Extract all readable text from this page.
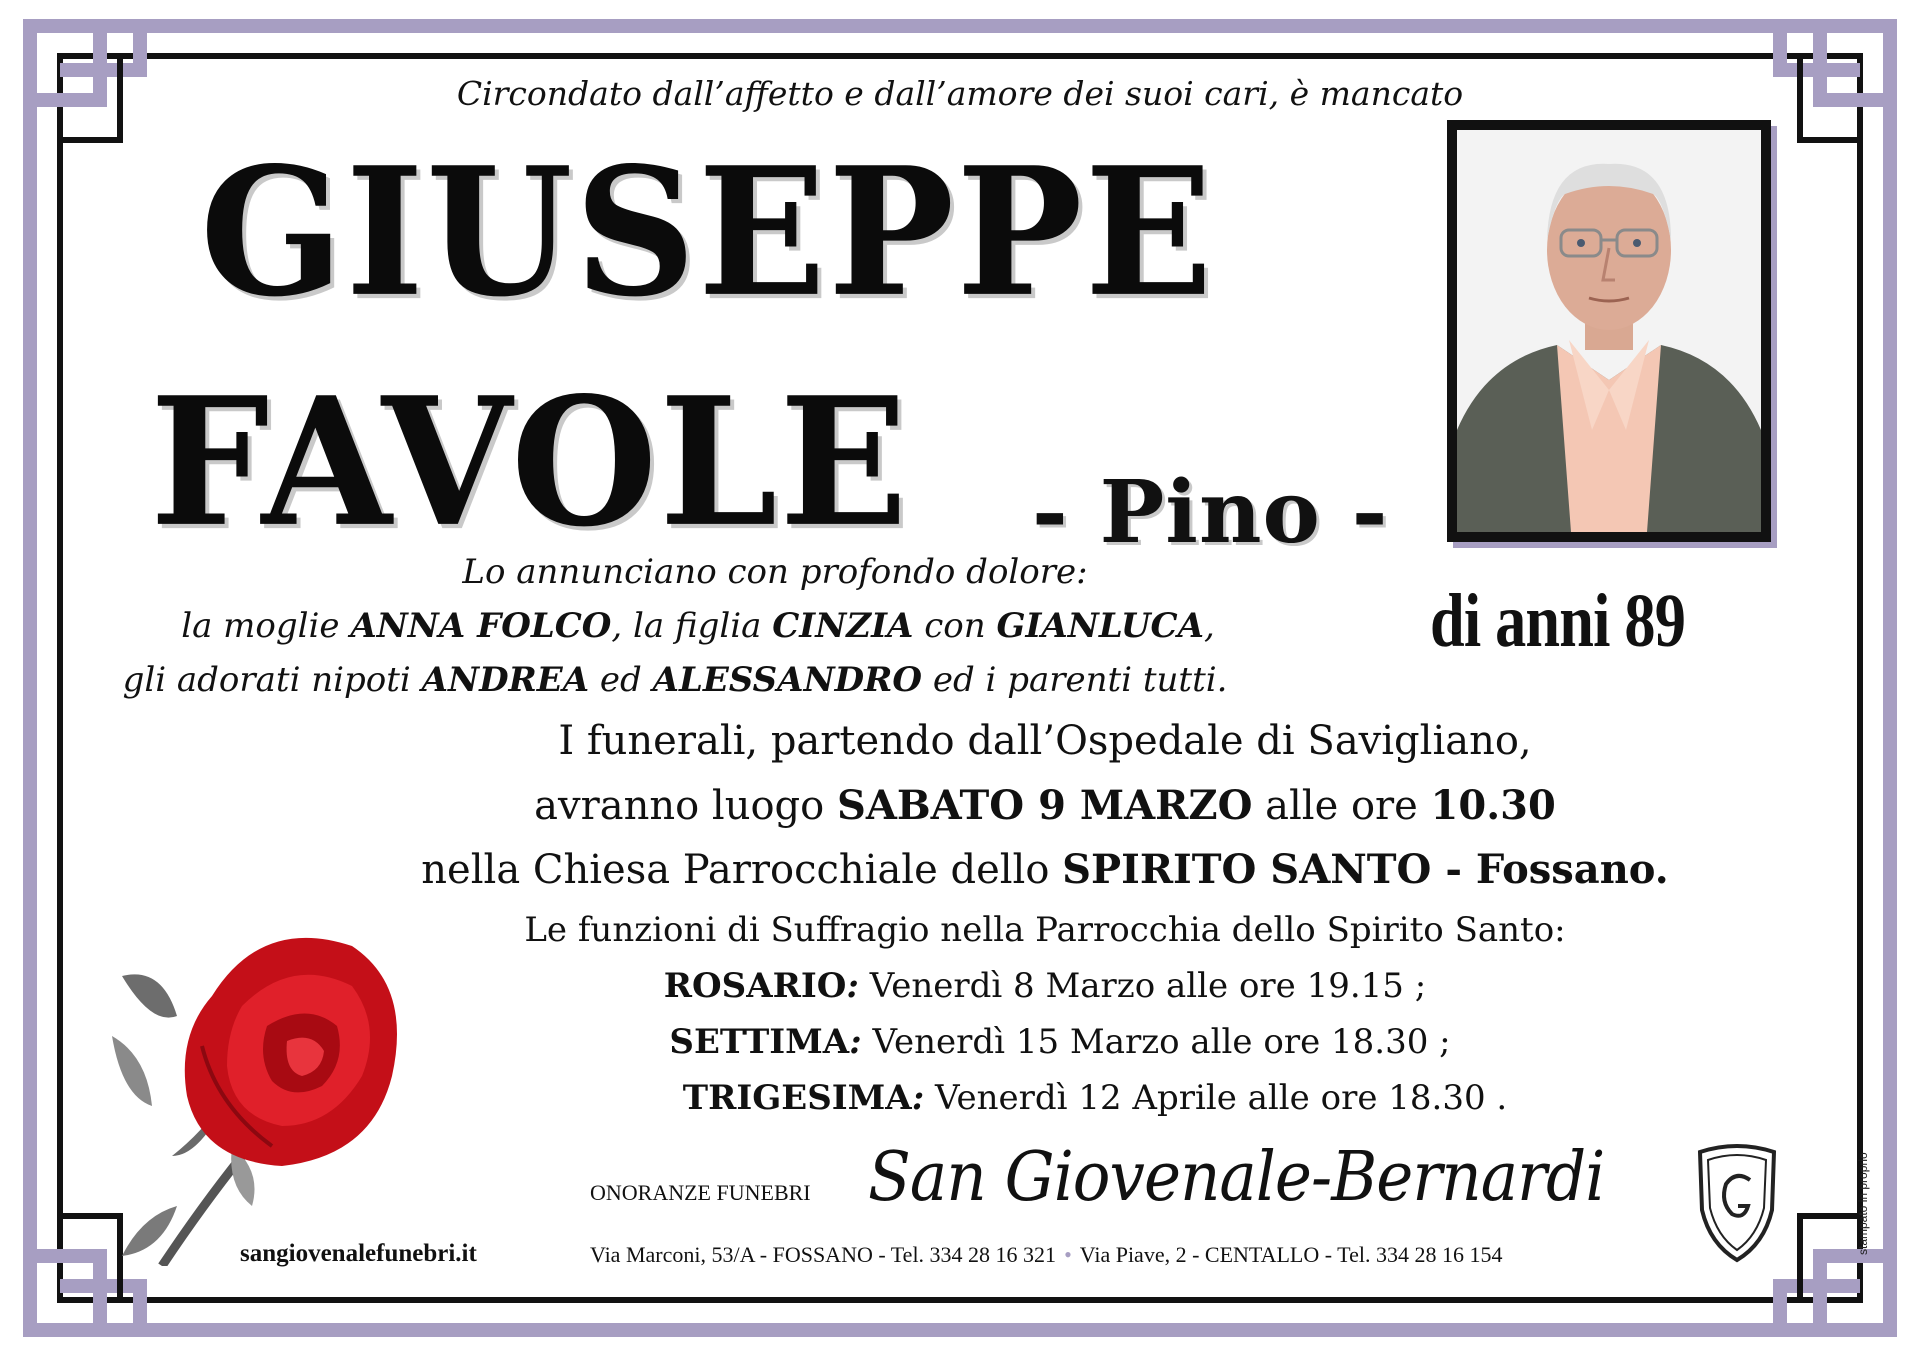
Circondato dall’affetto e dall’amore dei suoi cari, è mancato
GIUSEPPE
FAVOLE - Pino -
di anni 89
Lo annunciano con profondo dolore:
la moglie ANNA FOLCO, la figlia CINZIA con GIANLUCA,
gli adorati nipoti ANDREA ed ALESSANDRO ed i parenti tutti.
I funerali, partendo dall’Ospedale di Savigliano,
avranno luogo SABATO 9 MARZO alle ore 10.30
nella Chiesa Parrocchiale dello SPIRITO SANTO - Fossano.
Le funzioni di Suffragio nella Parrocchia dello Spirito Santo:
ROSARIO: Venerdì 8 Marzo alle ore 19.15 ;
SETTIMA: Venerdì 15 Marzo alle ore 18.30 ;
TRIGESIMA: Venerdì 12 Aprile alle ore 18.30 .
sangiovenalefunebri.it
ONORANZE FUNEBRI San Giovenale-Bernardi
Via Marconi, 53/A - FOSSANO - Tel. 334 28 16 321 • Via Piave, 2 - CENTALLO - Tel. 334 28 16 154	stampato in proprio
